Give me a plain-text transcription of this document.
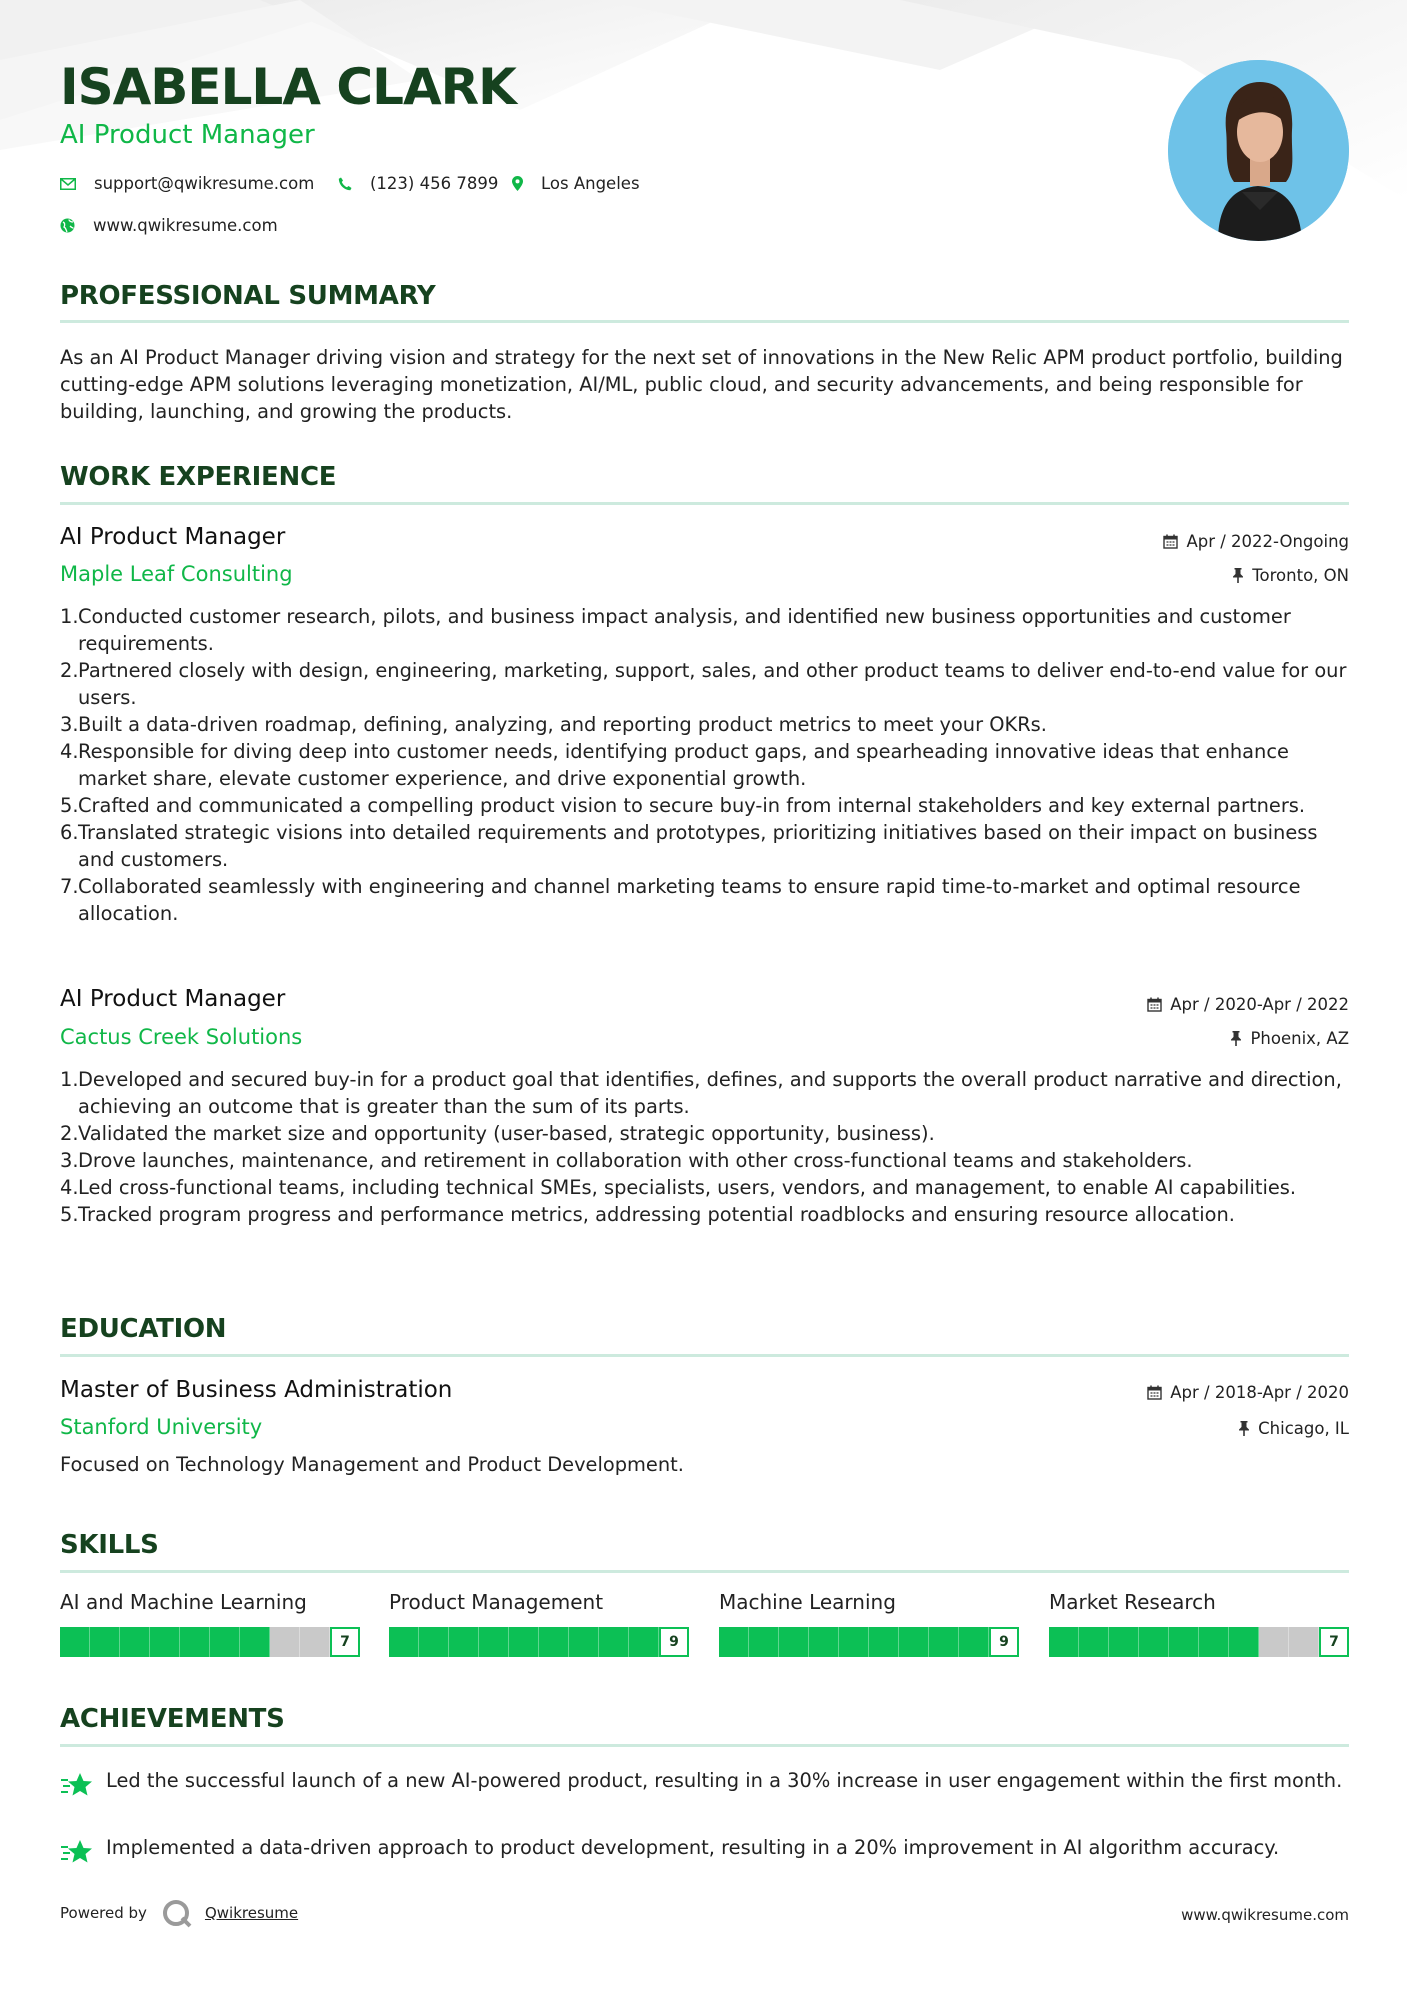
ISABELLA CLARK
AI Product Manager
support@qwikresume.com	(123) 456 7899	Los Angeles
www.qwikresume.com
PROFESSIONAL SUMMARY
As an AI Product Manager driving vision and strategy for the next set of innovations in the New Relic APM product portfolio, building cutting-edge APM solutions leveraging monetization, AI/ML, public cloud, and security advancements, and being responsible for building, launching, and growing the products.
WORK EXPERIENCE
AI Product Manager	Apr / 2022-Ongoing
Maple Leaf Consulting	Toronto, ON
1. Conducted customer research, pilots, and business impact analysis, and identified new business opportunities and customer requirements.
2. Partnered closely with design, engineering, marketing, support, sales, and other product teams to deliver end-to-end value for our users.
3. Built a data-driven roadmap, defining, analyzing, and reporting product metrics to meet your OKRs.
4. Responsible for diving deep into customer needs, identifying product gaps, and spearheading innovative ideas that enhance market share, elevate customer experience, and drive exponential growth.
5. Crafted and communicated a compelling product vision to secure buy-in from internal stakeholders and key external partners.
6. Translated strategic visions into detailed requirements and prototypes, prioritizing initiatives based on their impact on business and customers.
7. Collaborated seamlessly with engineering and channel marketing teams to ensure rapid time-to-market and optimal resource allocation.
AI Product Manager	Apr / 2020-Apr / 2022
Cactus Creek Solutions	Phoenix, AZ
1. Developed and secured buy-in for a product goal that identifies, defines, and supports the overall product narrative and direction, achieving an outcome that is greater than the sum of its parts.
2. Validated the market size and opportunity (user-based, strategic opportunity, business).
3. Drove launches, maintenance, and retirement in collaboration with other cross-functional teams and stakeholders.
4. Led cross-functional teams, including technical SMEs, specialists, users, vendors, and management, to enable AI capabilities.
5. Tracked program progress and performance metrics, addressing potential roadblocks and ensuring resource allocation.
EDUCATION
Master of Business Administration	Apr / 2018-Apr / 2020
Stanford University	Chicago, IL
Focused on Technology Management and Product Development.
SKILLS
AI and Machine Learning
7
Product Management
9
Machine Learning
9
Market Research
7
ACHIEVEMENTS
Led the successful launch of a new AI-powered product, resulting in a 30% increase in user engagement within the first month.
Implemented a data-driven approach to product development, resulting in a 20% improvement in AI algorithm accuracy.
Powered by	Qwikresume	www.qwikresume.com
